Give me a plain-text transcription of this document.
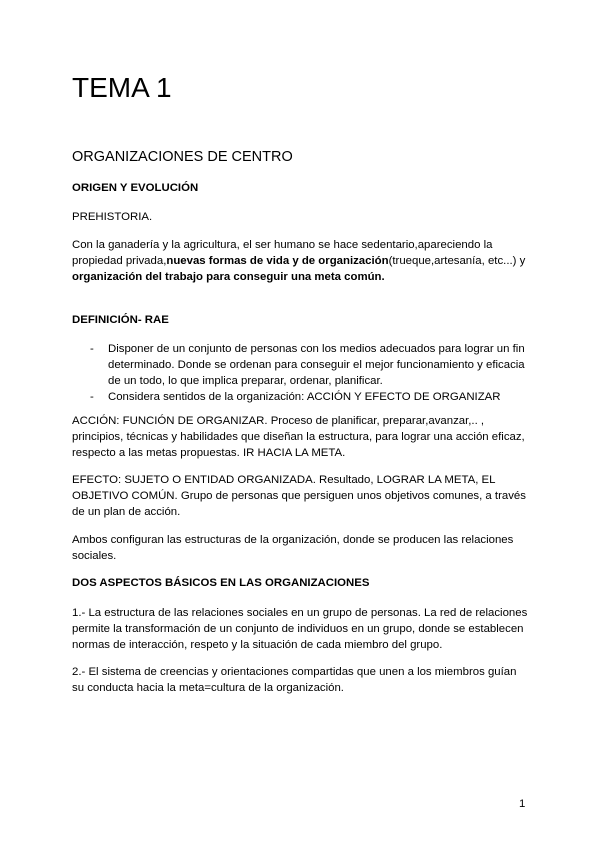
TEMA 1
ORGANIZACIONES DE CENTRO
ORIGEN Y EVOLUCIÓN
PREHISTORIA.
Con la ganadería y la agricultura, el ser humano se hace sedentario,apareciendo la propiedad privada,nuevas formas de vida y de organización(trueque,artesanía, etc...) y organización del trabajo para conseguir una meta común.
DEFINICIÓN- RAE
- Disponer de un conjunto de personas con los medios adecuados para lograr un fin determinado. Donde se ordenan para conseguir el mejor funcionamiento y eficacia de un todo, lo que implica preparar, ordenar, planificar.
- Considera sentidos de la organización: ACCIÓN Y EFECTO DE ORGANIZAR
ACCIÓN: FUNCIÓN DE ORGANIZAR. Proceso de planificar, preparar,avanzar,.. , principios, técnicas y habilidades que diseñan la estructura, para lograr una acción eficaz, respecto a las metas propuestas. IR HACIA LA META.
EFECTO: SUJETO O ENTIDAD ORGANIZADA. Resultado, LOGRAR LA META, EL OBJETIVO COMÚN. Grupo de personas que persiguen unos objetivos comunes, a través de un plan de acción.
Ambos configuran las estructuras de la organización, donde se producen las relaciones sociales.
DOS ASPECTOS BÁSICOS EN LAS ORGANIZACIONES
1.- La estructura de las relaciones sociales en un grupo de personas. La red de relaciones permite la transformación de un conjunto de individuos en un grupo, donde se establecen normas de interacción, respeto y la situación de cada miembro del grupo.
2.- El sistema de creencias y orientaciones compartidas que unen a los miembros guían su conducta hacia la meta=cultura de la organización.
1
